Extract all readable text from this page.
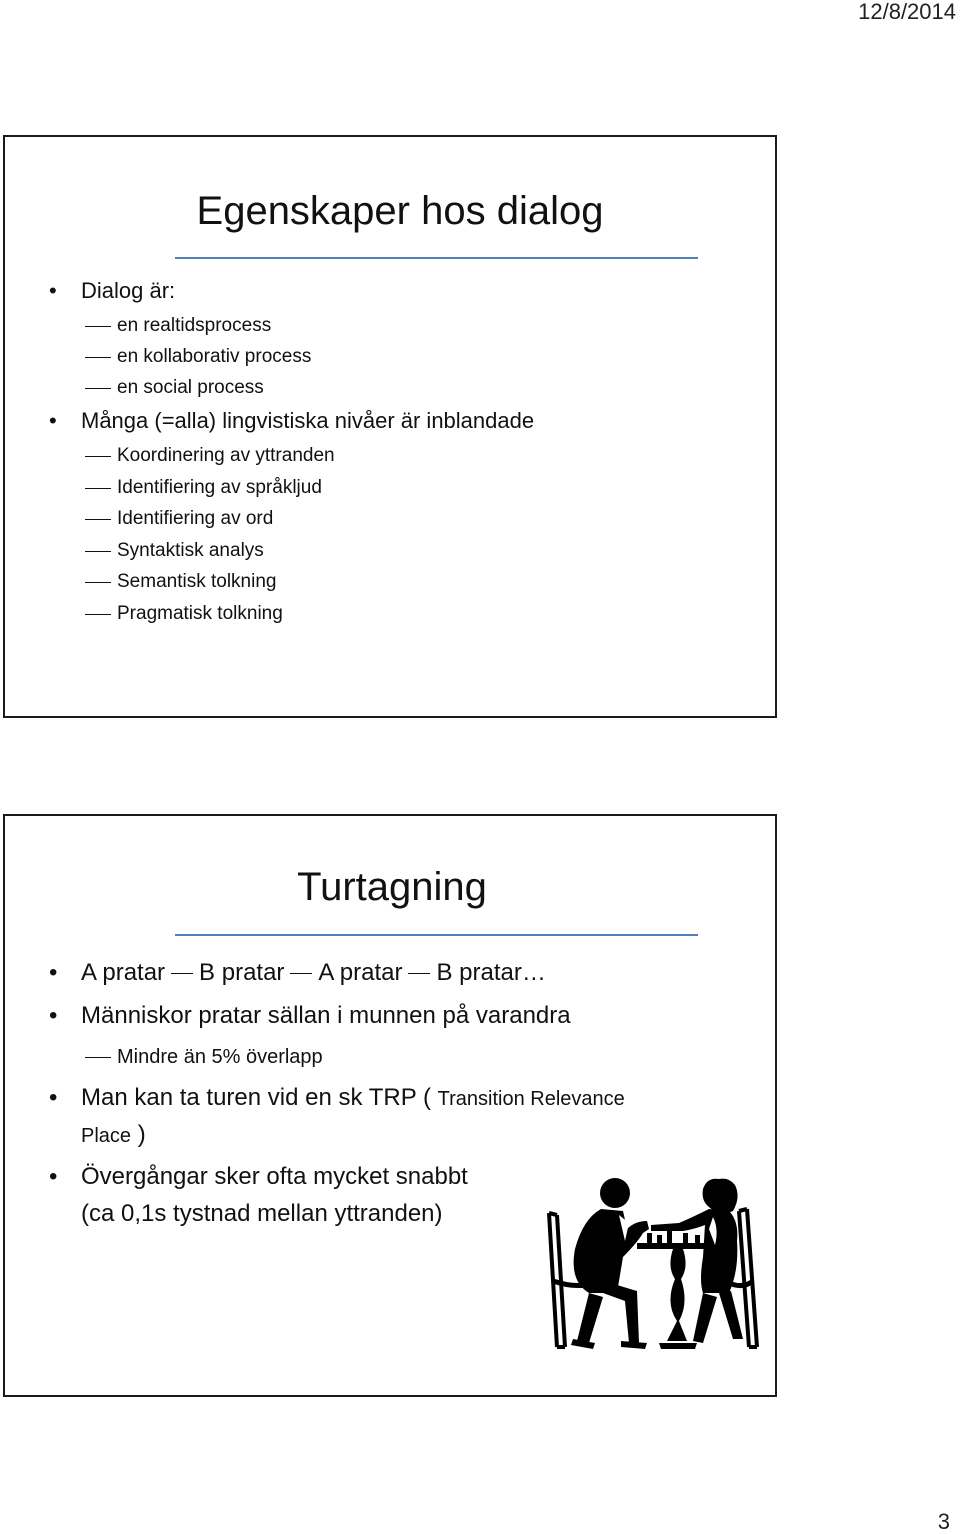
12/8/2014
Egenskaper hos dialog
• Dialog är:
en realtidsprocess
en kollaborativ process
en social process
• Många (=alla) lingvistiska nivåer är inblandade
Koordinering av yttranden
Identifiering av språkljud
Identifiering av ord
Syntaktisk analys
Semantisk tolkning
Pragmatisk tolkning
Turtagning
• A pratar B pratar A pratar B pratar…
• Människor pratar sällan i munnen på varandra
Mindre än 5% överlapp
• Man kan ta turen vid en sk TRP ( Transition Relevance
Place )
• Övergångar sker ofta mycket snabbt
(ca 0,1s tystnad mellan yttranden)
3
